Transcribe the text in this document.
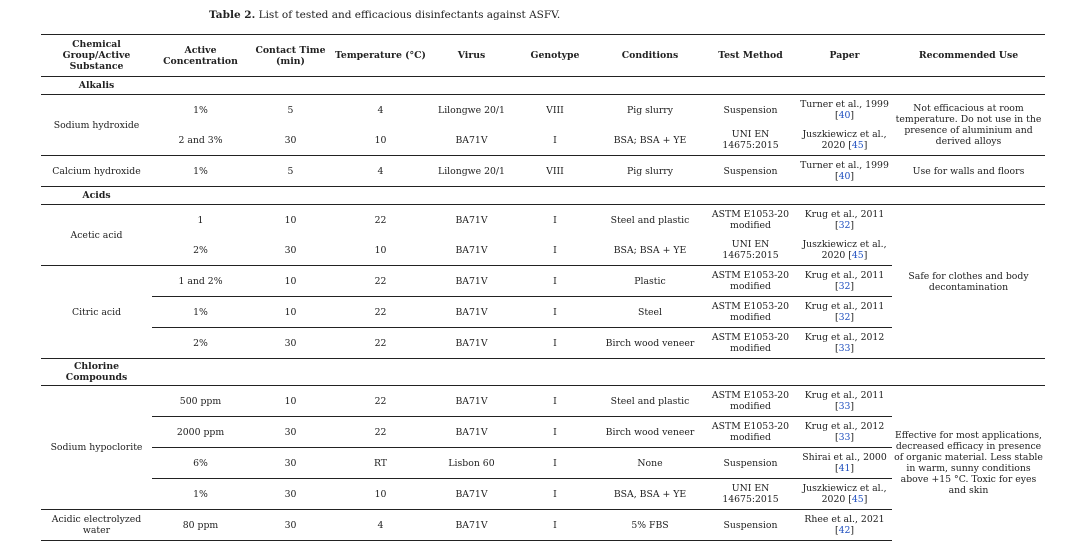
Table 2. List of tested and efficacious disinfectants against ASFV.
Chemical Group/Active Substance	Active Concentration	Contact Time (min)	Temperature (°C)	Virus	Genotype	Conditions	Test Method	Paper	Recommended Use
Alkalis									
Sodium hydroxide	1%	5	4	Lilongwe 20/1	VIII	Pig slurry	Suspension	Turner et al., 1999 [40]	Not efficacious at room temperature. Do not use in the presence of aluminium and derived alloys
	2 and 3%	30	10	BA71V	I	BSA; BSA + YE	UNI EN 14675:2015	Juszkiewicz et al., 2020 [45]	
Calcium hydroxide	1%	5	4	Lilongwe 20/1	VIII	Pig slurry	Suspension	Turner et al., 1999 [40]	Use for walls and floors
Acids									
Acetic acid	1	10	22	BA71V	I	Steel and plastic	ASTM E1053-20 modified	Krug et al., 2011 [32]	Safe for clothes and body decontamination
	2%	30	10	BA71V	I	BSA; BSA + YE	UNI EN 14675:2015	Juszkiewicz et al., 2020 [45]	
Citric acid	1 and 2%	10	22	BA71V	I	Plastic	ASTM E1053-20 modified	Krug et al., 2011 [32]	
	1%	10	22	BA71V	I	Steel	ASTM E1053-20 modified	Krug et al., 2011 [32]	
	2%	30	22	BA71V	I	Birch wood veneer	ASTM E1053-20 modified	Krug et al., 2012 [33]	
Chlorine Compounds									
Sodium hypoclorite	500 ppm	10	22	BA71V	I	Steel and plastic	ASTM E1053-20 modified	Krug et al., 2011 [33]	Effective for most applications, decreased efficacy in presence of organic material. Less stable in warm, sunny conditions above +15 °C. Toxic for eyes and skin
	2000 ppm	30	22	BA71V	I	Birch wood veneer	ASTM E1053-20 modified	Krug et al., 2012 [33]	
	6%	30	RT	Lisbon 60	I	None	Suspension	Shirai et al., 2000 [41]	
	1%	30	10	BA71V	I	BSA, BSA + YE	UNI EN 14675:2015	Juszkiewicz et al., 2020 [45]	
Acidic electrolyzed water	80 ppm	30	4	BA71V	I	5% FBS	Suspension	Rhee et al., 2021 [42]	
